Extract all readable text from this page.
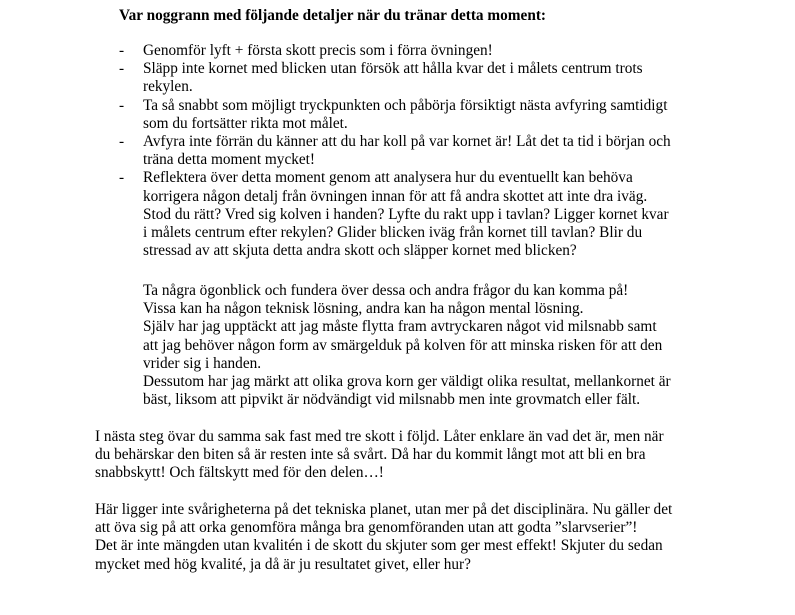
Var noggrann med följande detaljer när du tränar detta moment:

- Genomför lyft + första skott precis som i förra övningen!
- Släpp inte kornet med blicken utan försök att hålla kvar det i målets centrum trots
rekylen.
- Ta så snabbt som möjligt tryckpunkten och påbörja försiktigt nästa avfyring samtidigt
som du fortsätter rikta mot målet.
- Avfyra inte förrän du känner att du har koll på var kornet är! Låt det ta tid i början och
träna detta moment mycket!
- Reflektera över detta moment genom att analysera hur du eventuellt kan behöva
korrigera någon detalj från övningen innan för att få andra skottet att inte dra iväg.
Stod du rätt? Vred sig kolven i handen? Lyfte du rakt upp i tavlan? Ligger kornet kvar
i målets centrum efter rekylen? Glider blicken iväg från kornet till tavlan? Blir du
stressad av att skjuta detta andra skott och släpper kornet med blicken?
Ta några ögonblick och fundera över dessa och andra frågor du kan komma på!
Vissa kan ha någon teknisk lösning, andra kan ha någon mental lösning.
Själv har jag upptäckt att jag måste flytta fram avtryckaren något vid milsnabb samt
att jag behöver någon form av smärgelduk på kolven för att minska risken för att den
vrider sig i handen.
Dessutom har jag märkt att olika grova korn ger väldigt olika resultat, mellankornet är
bäst, liksom att pipvikt är nödvändigt vid milsnabb men inte grovmatch eller fält.
I nästa steg övar du samma sak fast med tre skott i följd. Låter enklare än vad det är, men när
du behärskar den biten så är resten inte så svårt. Då har du kommit långt mot att bli en bra
snabbskytt! Och fältskytt med för den delen…!
Här ligger inte svårigheterna på det tekniska planet, utan mer på det disciplinära. Nu gäller det
att öva sig på att orka genomföra många bra genomföranden utan att godta ”slarvserier”!
Det är inte mängden utan kvalitén i de skott du skjuter som ger mest effekt! Skjuter du sedan
mycket med hög kvalité, ja då är ju resultatet givet, eller hur?
